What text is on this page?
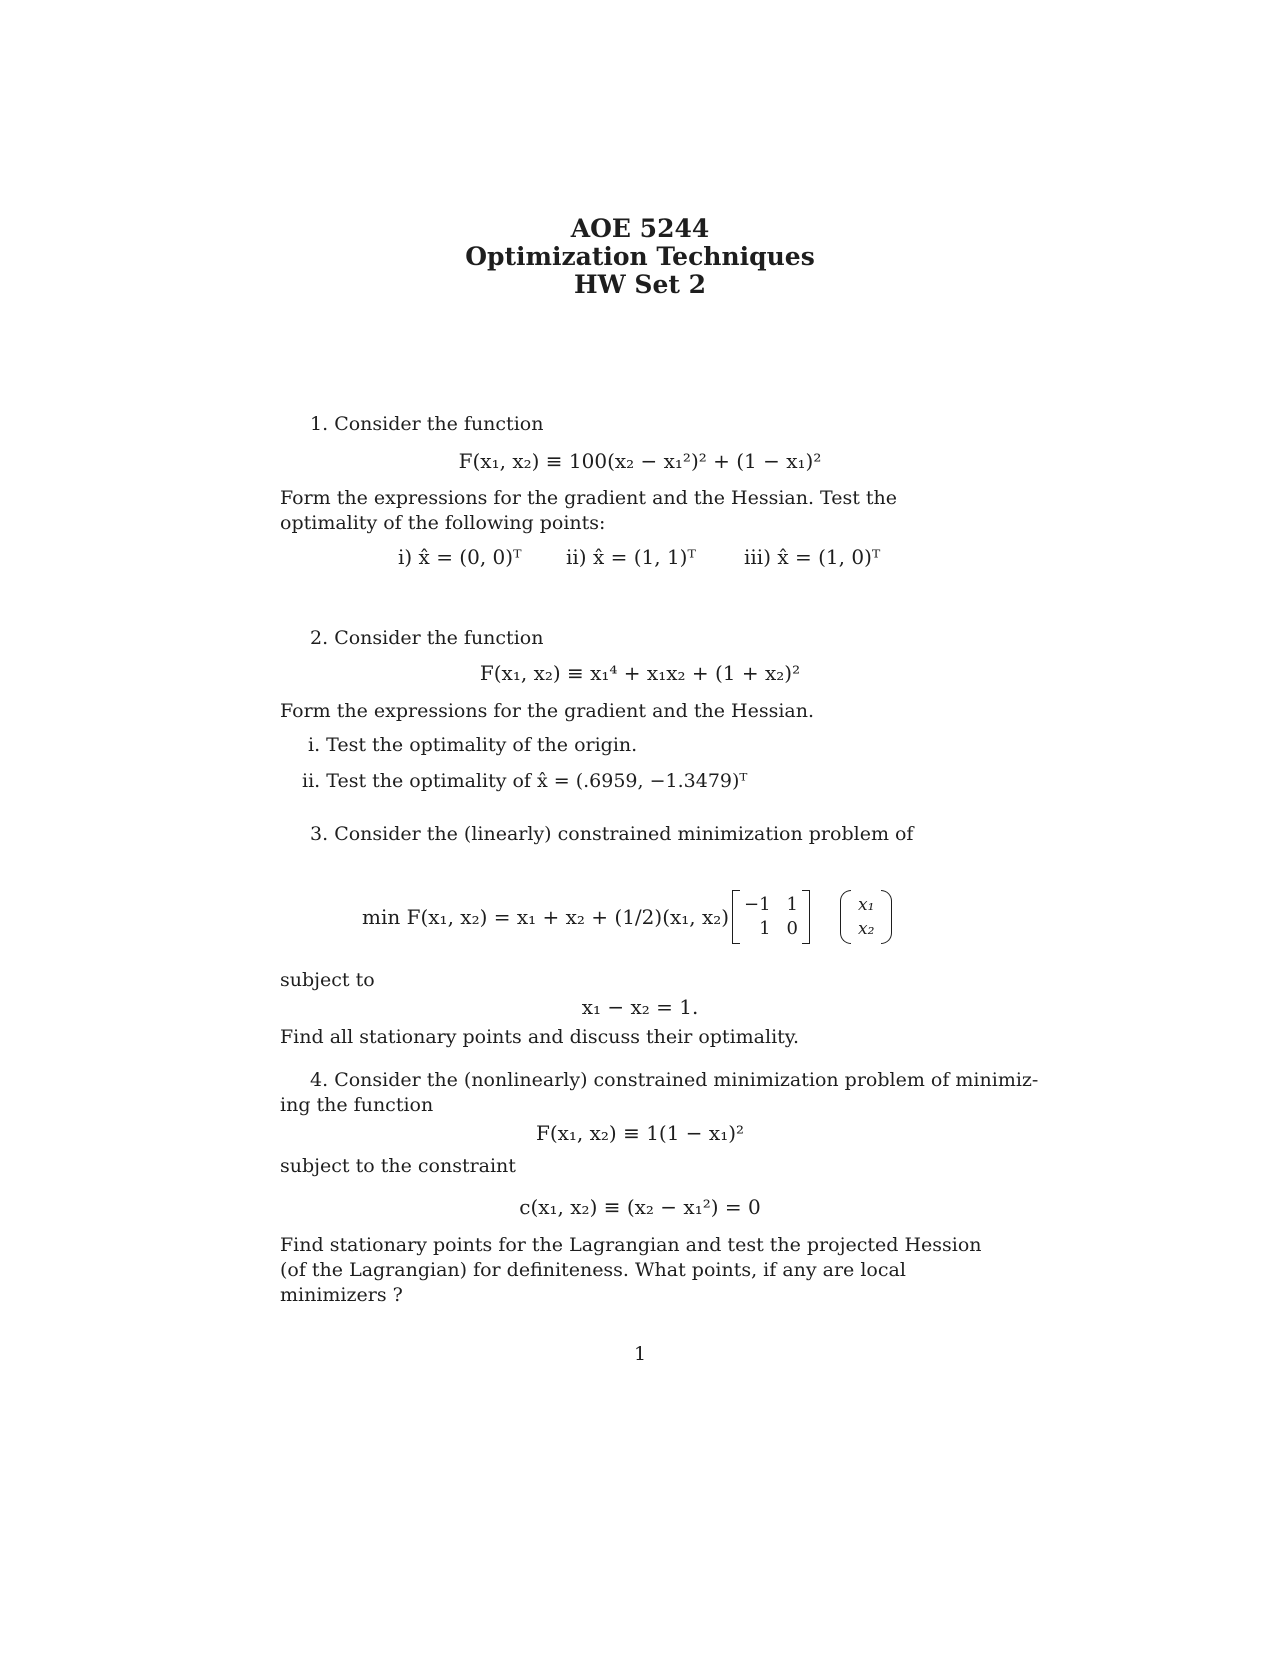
AOE 5244
Optimization Techniques
HW Set 2
1. Consider the function
F(x₁, x₂) ≡ 100(x₂ − x₁²)² + (1 − x₁)²
Form the expressions for the gradient and the Hessian. Test the optimality of the following points:
i) x̂ = (0, 0)ᵀ ii) x̂ = (1, 1)ᵀ iii) x̂ = (1, 0)ᵀ
2. Consider the function
F(x₁, x₂) ≡ x₁⁴ + x₁x₂ + (1 + x₂)²
Form the expressions for the gradient and the Hessian.
i. Test the optimality of the origin.
ii. Test the optimality of x̂ = (.6959, −1.3479)ᵀ
3. Consider the (linearly) constrained minimization problem of
min F(x₁, x₂) = x₁ + x₂ + (1/2)(x₁, x₂)
−1 1
1 0
x₁
x₂
subject to
x₁ − x₂ = 1.
Find all stationary points and discuss their optimality.
4. Consider the (nonlinearly) constrained minimization problem of minimiz-
ing the function
F(x₁, x₂) ≡ 1(1 − x₁)²
subject to the constraint
c(x₁, x₂) ≡ (x₂ − x₁²) = 0
Find stationary points for the Lagrangian and test the projected Hession (of the Lagrangian) for definiteness. What points, if any are local minimizers ?
1
